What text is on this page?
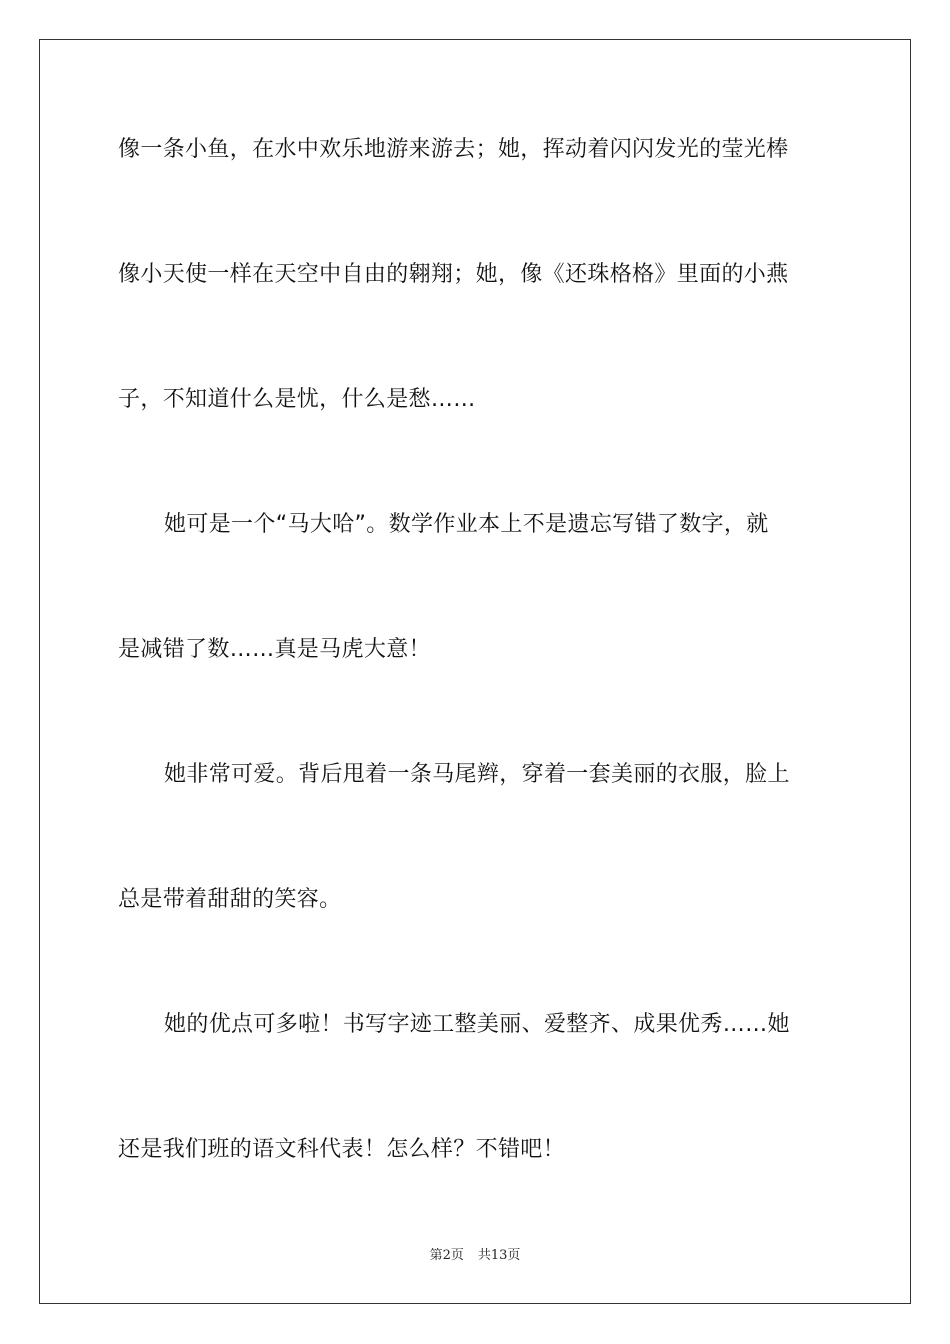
像一条小鱼，在水中欢乐地游来游去；她，挥动着闪闪发光的莹光棒
像小天使一样在天空中自由的翱翔；她，像《还珠格格》里面的小燕
子，不知道什么是忧，什么是愁……
她可是一个“马大哈”。数学作业本上不是遗忘写错了数字，就
是减错了数……真是马虎大意！
她非常可爱。背后甩着一条马尾辫，穿着一套美丽的衣服，脸上
总是带着甜甜的笑容。
她的优点可多啦！书写字迹工整美丽、爱整齐、成果优秀……她
还是我们班的语文科代表！怎么样？不错吧！
第2页 共13页
